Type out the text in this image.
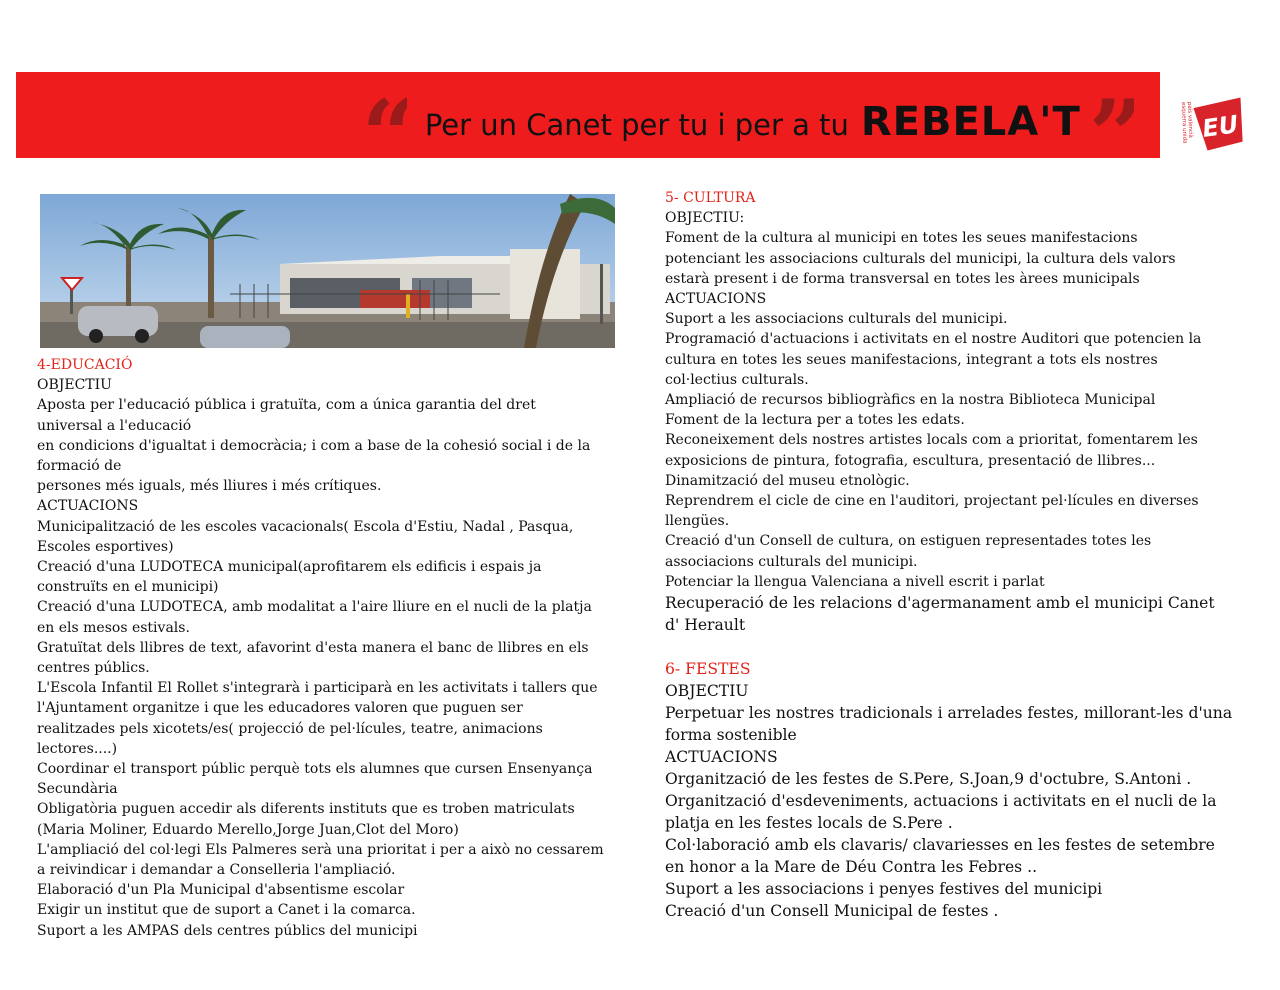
“ Per un Canet per tu i per a tu REBELA'T ”	EU
esquerra unida
país valencià

4-EDUCACIÓ

OBJECTIU

Aposta per l'educació pública i gratuïta, com a única garantia del dret

universal a l'educació

en condicions d'igualtat i democràcia; i com a base de la cohesió social i de la

formació de

persones més iguals, més lliures i més crítiques.

ACTUACIONS

Municipalització de les escoles vacacionals( Escola d'Estiu, Nadal , Pasqua,

Escoles esportives)

Creació d'una LUDOTECA municipal(aprofitarem els edificis i espais ja

construïts en el municipi)

Creació d'una LUDOTECA, amb modalitat a l'aire lliure en el nucli de la platja

en els mesos estivals.

Gratuïtat dels llibres de text, afavorint d'esta manera el banc de llibres en els

centres públics.

L'Escola Infantil El Rollet s'integrarà i participarà en les activitats i tallers que

l'Ajuntament organitze i que les educadores valoren que puguen ser

realitzades pels xicotets/es( projecció de pel·lícules, teatre, animacions

lectores....)

Coordinar el transport públic perquè tots els alumnes que cursen Ensenyança

Secundària

Obligatòria puguen accedir als diferents instituts que es troben matriculats

(Maria Moliner, Eduardo Merello,Jorge Juan,Clot del Moro)

L'ampliació del col·legi Els Palmeres serà una prioritat i per a això no cessarem

a reivindicar i demandar a Conselleria l'ampliació.

Elaboració d'un Pla Municipal d'absentisme escolar

Exigir un institut que de suport a Canet i la comarca.

Suport a les AMPAS dels centres públics del municipi

5- CULTURA

OBJECTIU:

Foment de la cultura al municipi en totes les seues manifestacions

potenciant les associacions culturals del municipi, la cultura dels valors

estarà present i de forma transversal en totes les àrees municipals

ACTUACIONS

Suport a les associacions culturals del municipi.

Programació d'actuacions i activitats en el nostre Auditori que potencien la

cultura en totes les seues manifestacions, integrant a tots els nostres

col·lectius culturals.

Ampliació de recursos bibliogràfics en la nostra Biblioteca Municipal

Foment de la lectura per a totes les edats.

Reconeixement dels nostres artistes locals com a prioritat, fomentarem les

exposicions de pintura, fotografia, escultura, presentació de llibres...

Dinamització del museu etnològic.

Reprendrem el cicle de cine en l'auditori, projectant pel·lícules en diverses

llengües.

Creació d'un Consell de cultura, on estiguen representades totes les

associacions culturals del municipi.

Potenciar la llengua Valenciana a nivell escrit i parlat

Recuperació de les relacions d'agermanament amb el municipi Canet

d' Herault

6- FESTES

OBJECTIU

Perpetuar les nostres tradicionals i arrelades festes, millorant-les d'una

forma sostenible

ACTUACIONS

Organització de les festes de S.Pere, S.Joan,9 d'octubre, S.Antoni .

Organització d'esdeveniments, actuacions i activitats en el nucli de la

platja en les festes locals de S.Pere .

Col·laboració amb els clavaris/ clavariesses en les festes de setembre

en honor a la Mare de Déu Contra les Febres ..

Suport a les associacions i penyes festives del municipi

Creació d'un Consell Municipal de festes .
